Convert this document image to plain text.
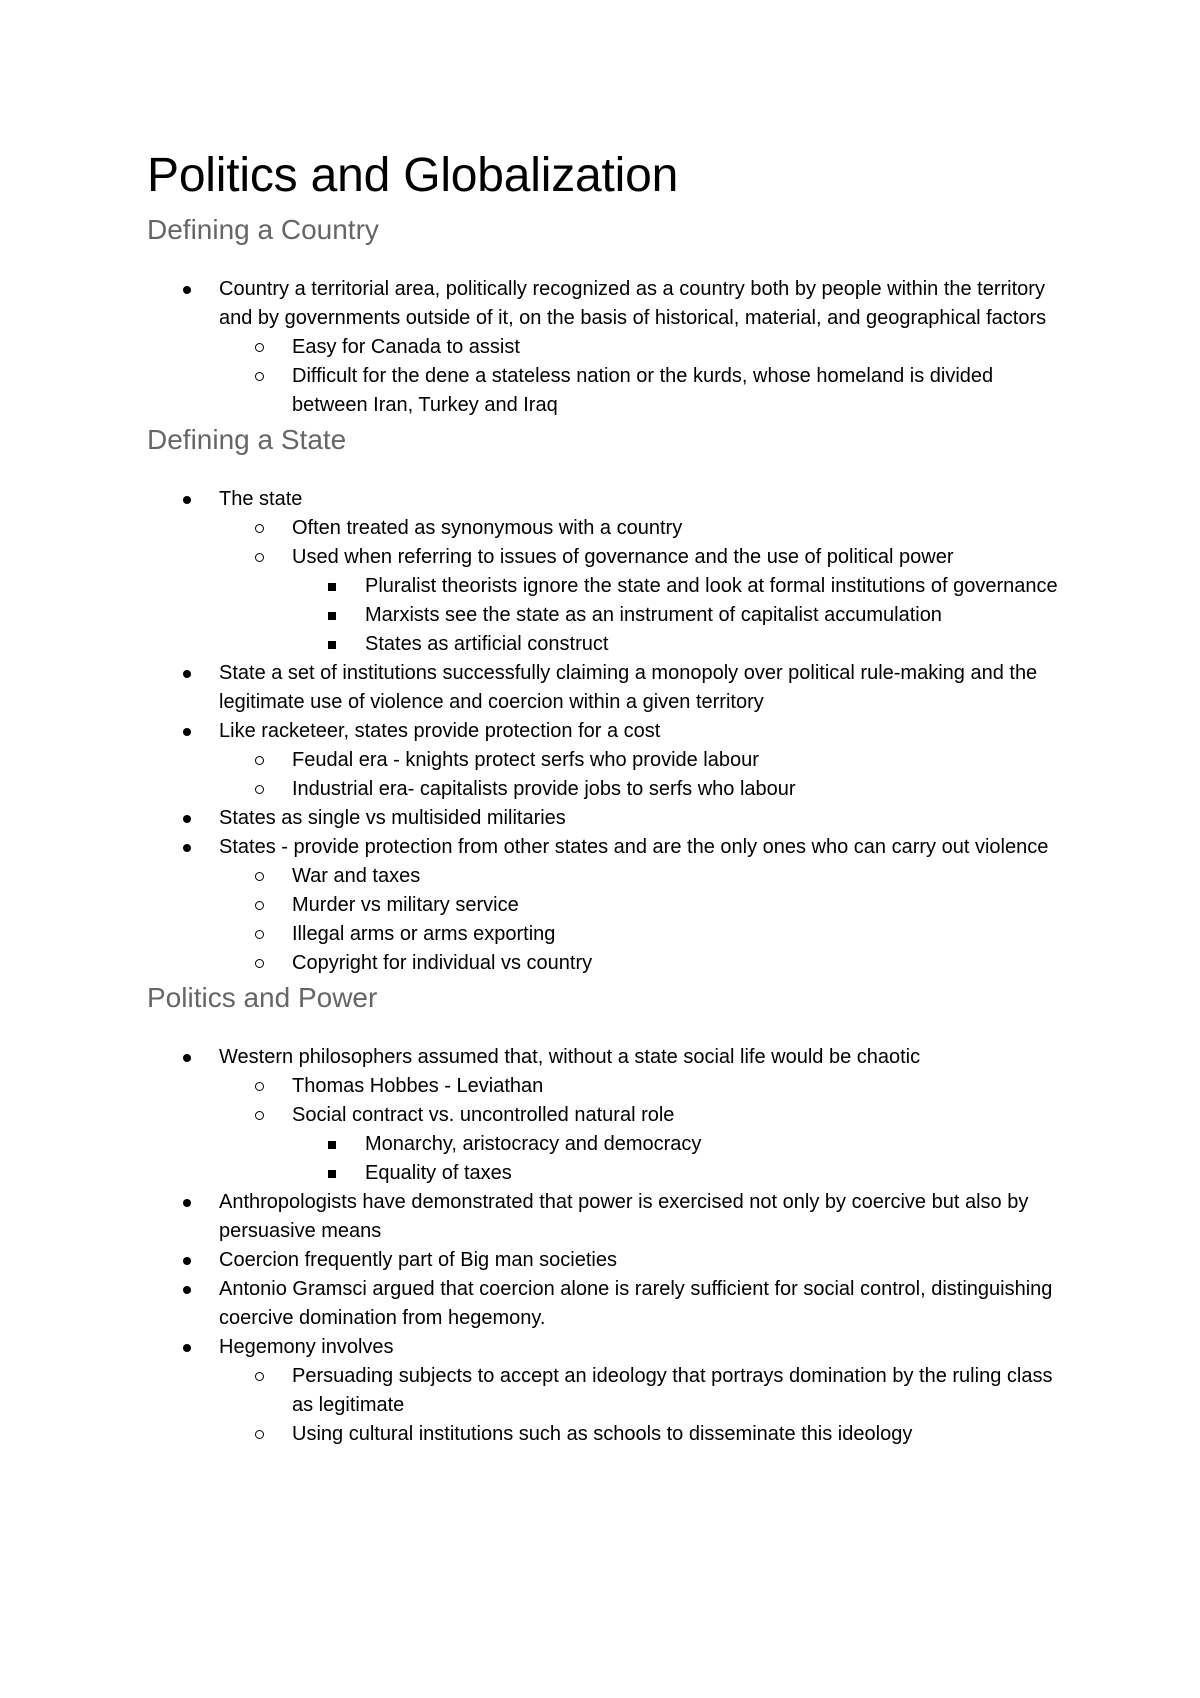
Politics and Globalization
Defining a Country
Country a territorial area, politically recognized as a country both by people within the territory and by governments outside of it, on the basis of historical, material, and geographical factors
Easy for Canada to assist
Difficult for the dene a stateless nation or the kurds, whose homeland is divided between Iran, Turkey and Iraq
Defining a State
The state
Often treated as synonymous with a country
Used when referring to issues of governance and the use of political power
Pluralist theorists ignore the state and look at formal institutions of governance
Marxists see the state as an instrument of capitalist accumulation
States as artificial construct
State a set of institutions successfully claiming a monopoly over political rule-making and the legitimate use of violence and coercion within a given territory
Like racketeer, states provide protection for a cost
Feudal era - knights protect serfs who provide labour
Industrial era- capitalists provide jobs to serfs who labour
States as single vs multisided militaries
States - provide protection from other states and are the only ones who can carry out violence
War and taxes
Murder vs military service
Illegal arms or arms exporting
Copyright for individual vs country
Politics and Power
Western philosophers assumed that, without a state social life would be chaotic
Thomas Hobbes - Leviathan
Social contract vs. uncontrolled natural role
Monarchy, aristocracy and democracy
Equality of taxes
Anthropologists have demonstrated that power is exercised not only by coercive but also by persuasive means
Coercion frequently part of Big man societies
Antonio Gramsci argued that coercion alone is rarely sufficient for social control, distinguishing coercive domination from hegemony.
Hegemony involves
Persuading subjects to accept an ideology that portrays domination by the ruling class as legitimate
Using cultural institutions such as schools to disseminate this ideology
